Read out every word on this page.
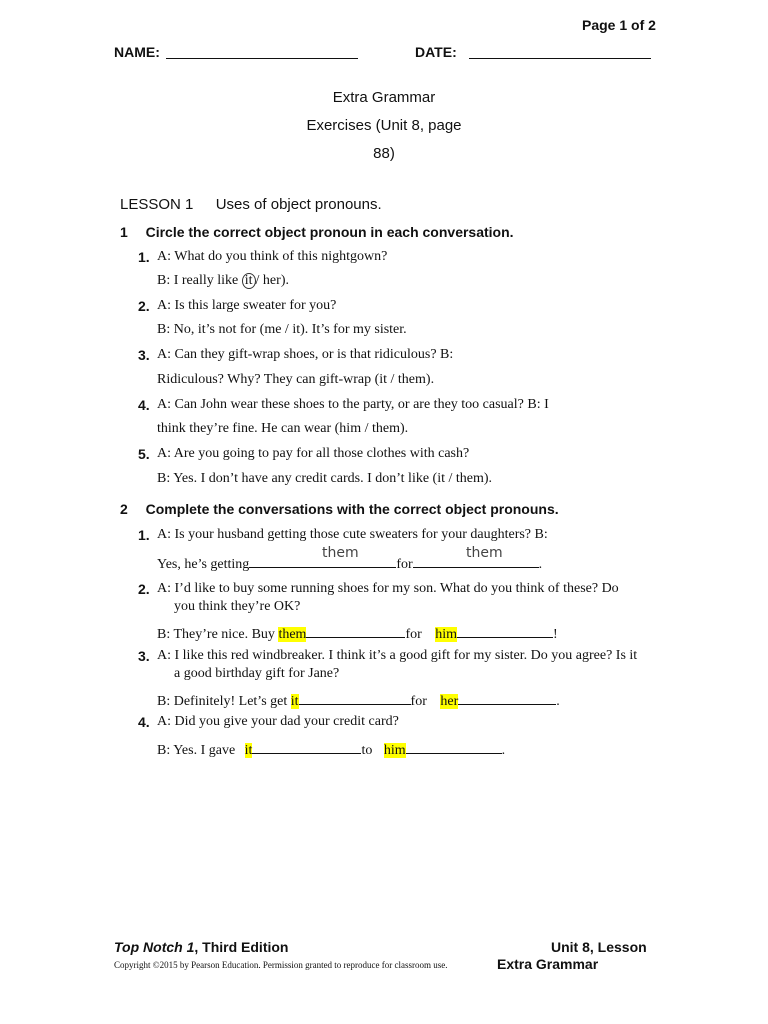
Page 1 of 2
NAME:	DATE:
Extra Grammar
Exercises (Unit 8, page
88)
LESSON 1 Uses of object pronouns.
1 Circle the correct object pronoun in each conversation.
1. A: What do you think of this nightgown?
B: I really like it / her).
2. A: Is this large sweater for you?
B: No, it’s not for (me / it). It’s for my sister.
3. A: Can they gift-wrap shoes, or is that ridiculous? B:
Ridiculous? Why? They can gift-wrap (it / them).
4. A: Can John wear these shoes to the party, or are they too casual? B: I
think they’re fine. He can wear (him / them).
5. A: Are you going to pay for all those clothes with cash?
B: Yes. I don’t have any credit cards. I don’t like (it / them).
2 Complete the conversations with the correct object pronouns.
1. A: Is your husband getting those cute sweaters for your daughters? B:
Yes, he’s getting	for	.
them	them
2. A: I’d like to buy some running shoes for my son. What do you think of these? Do
you think they’re OK?
B: They’re nice. Buy them	for him	!
3. A: I like this red windbreaker. I think it’s a good gift for my sister. Do you agree? Is it
a good birthday gift for Jane?
B: Definitely! Let’s get it	for her	.
4. A: Did you give your dad your credit card?
B: Yes. I gave it	to him	.
Top Notch 1, Third Edition	Unit 8, Lesson
Copyright ©2015 by Pearson Education. Permission granted to reproduce for classroom use.	Extra Grammar
